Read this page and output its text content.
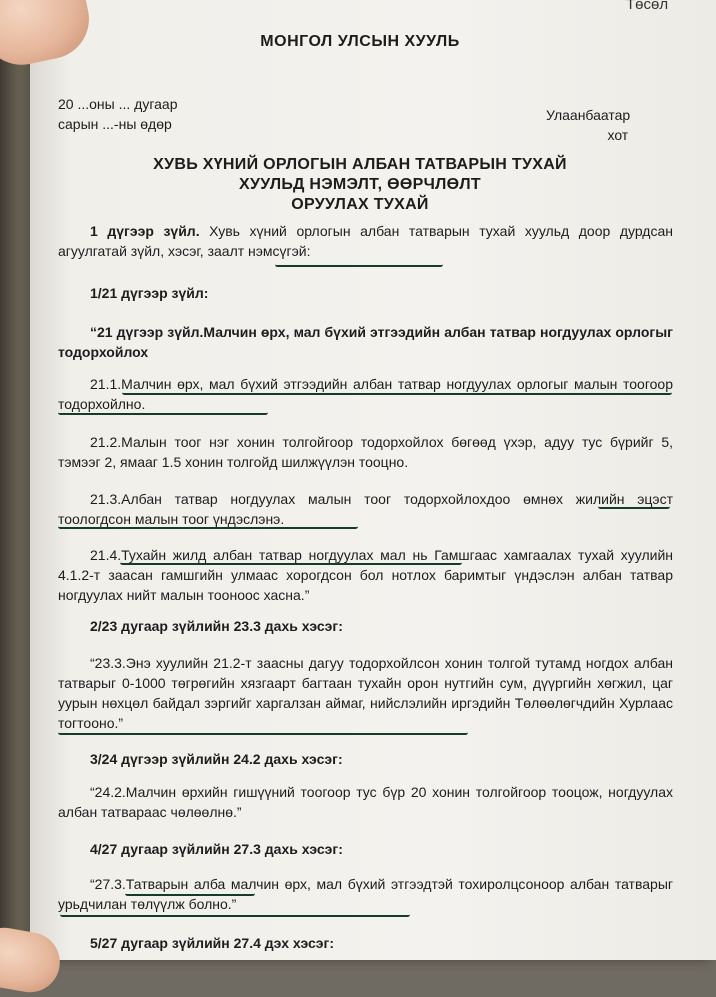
Төсөл

МОНГОЛ УЛСЫН ХУУЛЬ

20 ...оны ... дугаар
сарын ...-ны өдөр
Улаанбаатар
хот
ХУВЬ ХҮНИЙ ОРЛОГЫН АЛБАН ТАТВАРЫН ТУХАЙ
ХУУЛЬД НЭМЭЛТ, ӨӨРЧЛӨЛТ
ОРУУЛАХ ТУХАЙ

1 дүгээр зүйл. Хувь хүний орлогын албан татварын тухай хуульд доор дурдсан агуулгатай зүйл, хэсэг, заалт нэмсүгэй:

1/21 дүгээр зүйл:

“21 дүгээр зүйл.Малчин өрх, мал бүхий этгээдийн албан татвар ногдуулах орлогыг тодорхойлох

21.1.Малчин өрх, мал бүхий этгээдийн албан татвар ногдуулах орлогыг малын тоогоор тодорхойлно.

21.2.Малын тоог нэг хонин толгойгоор тодорхойлох бөгөөд үхэр, адуу тус бүрийг 5, тэмээг 2, ямааг 1.5 хонин толгойд шилжүүлэн тооцно.

21.3.Албан татвар ногдуулах малын тоог тодорхойлохдоо өмнөх жилийн эцэст тоологдсон малын тоог үндэслэнэ.

21.4.Тухайн жилд албан татвар ногдуулах мал нь Гамшгаас хамгаалах тухай хуулийн 4.1.2-т заасан гамшгийн улмаас хорогдсон бол нотлох баримтыг үндэслэн албан татвар ногдуулах нийт малын тооноос хасна.”

2/23 дугаар зүйлийн 23.3 дахь хэсэг:

“23.3.Энэ хуулийн 21.2-т заасны дагуу тодорхойлсон хонин толгой тутамд ногдох албан татварыг 0-1000 төгрөгийн хязгаарт багтаан тухайн орон нутгийн сум, дүүргийн хөгжил, цаг уурын нөхцөл байдал зэргийг харгалзан аймаг, нийслэлийн иргэдийн Төлөөлөгчдийн Хурлаас тогтооно.”

3/24 дүгээр зүйлийн 24.2 дахь хэсэг:

“24.2.Малчин өрхийн гишүүний тоогоор тус бүр 20 хонин толгойгоор тооцож, ногдуулах албан татвараас чөлөөлнө.”

4/27 дугаар зүйлийн 27.3 дахь хэсэг:

“27.3.Татварын алба малчин өрх, мал бүхий этгээдтэй тохиролцсоноор албан татварыг урьдчилан төлүүлж болно.”

5/27 дугаар зүйлийн 27.4 дэх хэсэг:
